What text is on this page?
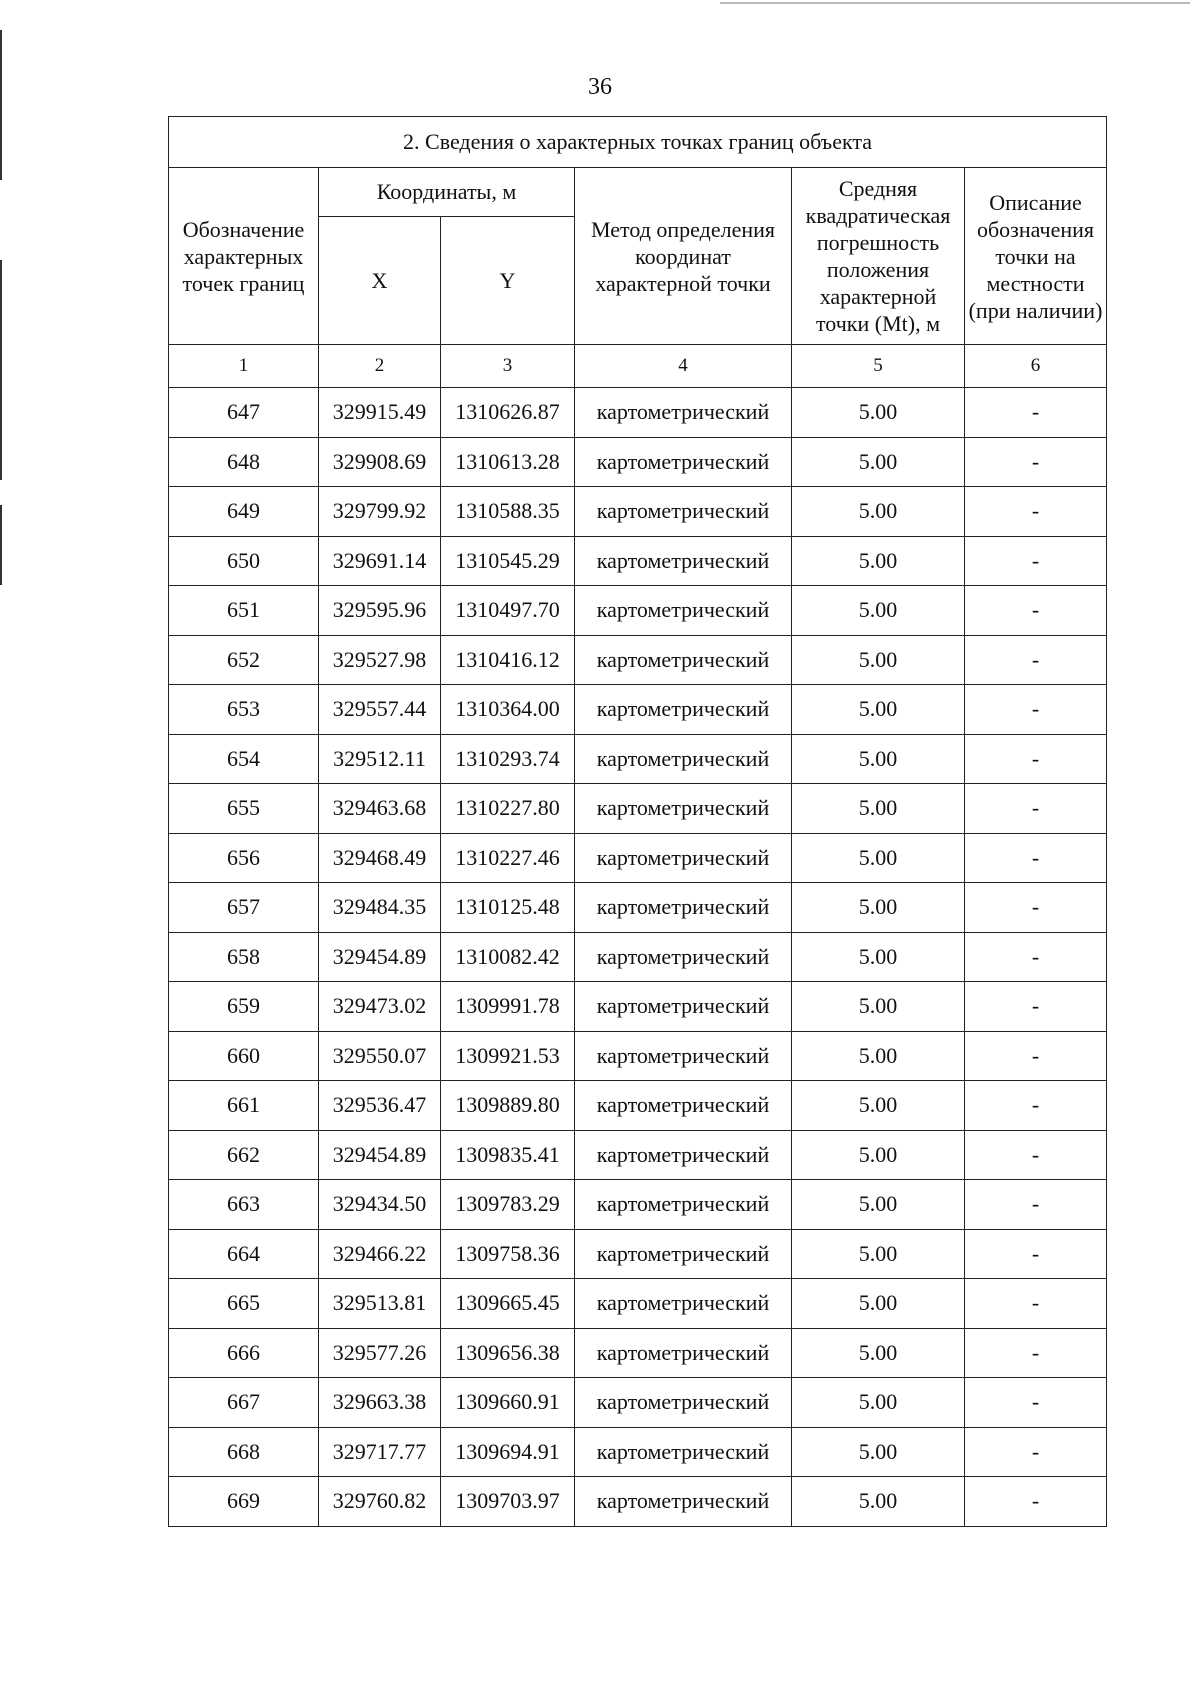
36
2. Сведения о характерных точках границ объекта					
Обозначение характерных точек границ	Координаты, м		Метод определения координат характерной точки	Средняя квадратическая погрешность положения характерной точки (Mt), м	Описание обозначения точки на местности (при наличии)
	X	Y			
1	2	3	4	5	6
647	329915.49	1310626.87	картометрический	5.00	-
648	329908.69	1310613.28	картометрический	5.00	-
649	329799.92	1310588.35	картометрический	5.00	-
650	329691.14	1310545.29	картометрический	5.00	-
651	329595.96	1310497.70	картометрический	5.00	-
652	329527.98	1310416.12	картометрический	5.00	-
653	329557.44	1310364.00	картометрический	5.00	-
654	329512.11	1310293.74	картометрический	5.00	-
655	329463.68	1310227.80	картометрический	5.00	-
656	329468.49	1310227.46	картометрический	5.00	-
657	329484.35	1310125.48	картометрический	5.00	-
658	329454.89	1310082.42	картометрический	5.00	-
659	329473.02	1309991.78	картометрический	5.00	-
660	329550.07	1309921.53	картометрический	5.00	-
661	329536.47	1309889.80	картометрический	5.00	-
662	329454.89	1309835.41	картометрический	5.00	-
663	329434.50	1309783.29	картометрический	5.00	-
664	329466.22	1309758.36	картометрический	5.00	-
665	329513.81	1309665.45	картометрический	5.00	-
666	329577.26	1309656.38	картометрический	5.00	-
667	329663.38	1309660.91	картометрический	5.00	-
668	329717.77	1309694.91	картометрический	5.00	-
669	329760.82	1309703.97	картометрический	5.00	-
